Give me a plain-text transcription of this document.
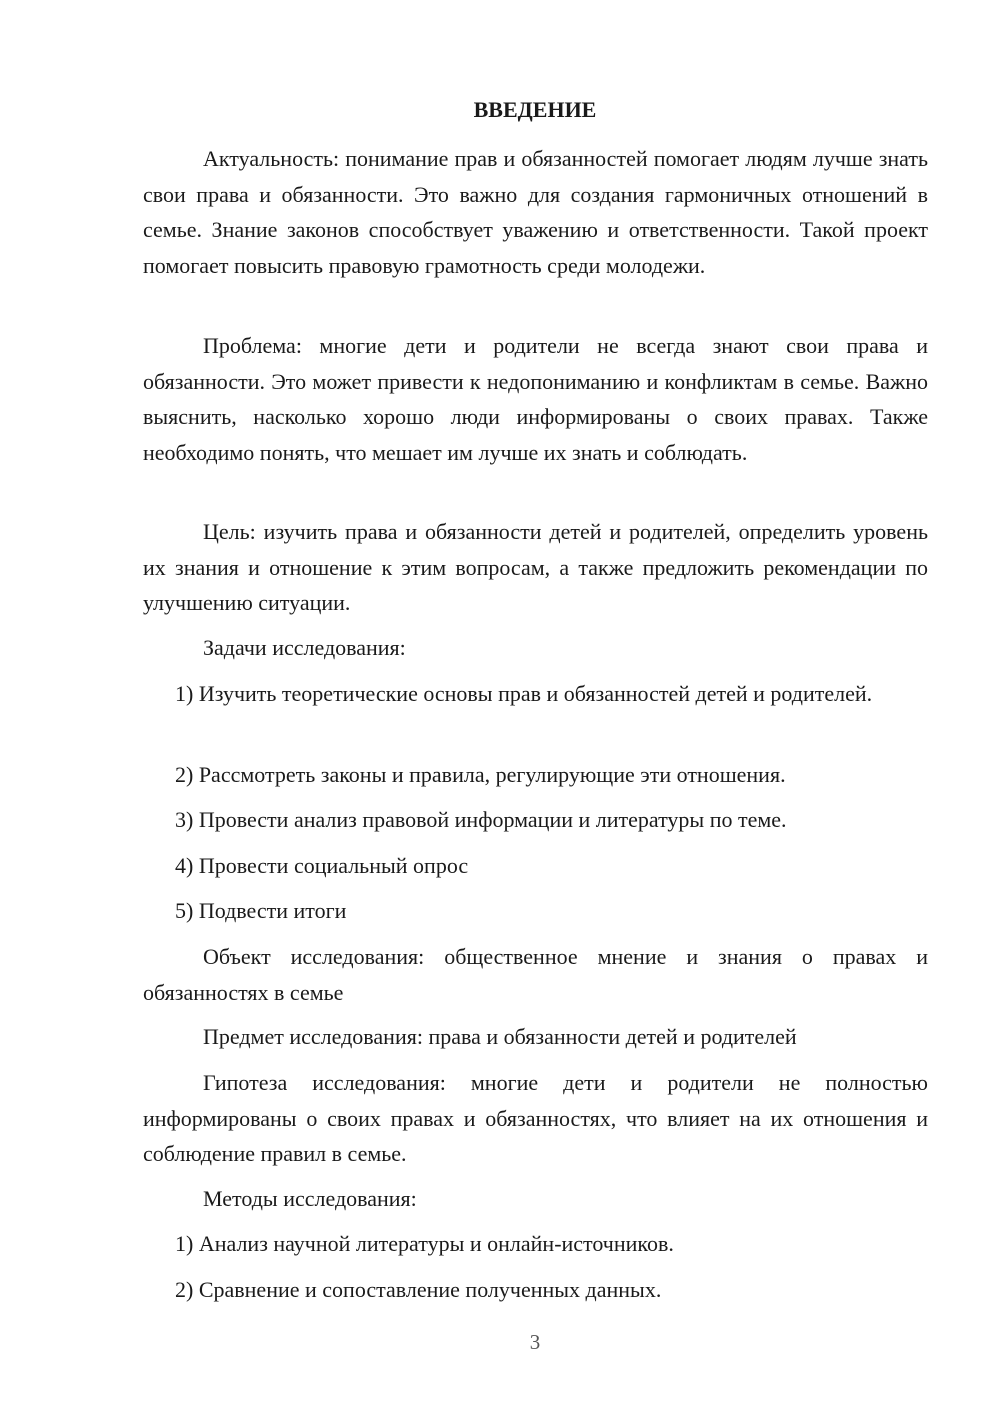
ВВЕДЕНИЕ

Актуальность: понимание прав и обязанностей помогает людям лучше знать свои права и обязанности. Это важно для создания гармоничных отношений в семье. Знание законов способствует уважению и ответственности. Такой проект помогает повысить правовую грамотность среди молодежи.

Проблема: многие дети и родители не всегда знают свои права и обязанности. Это может привести к недопониманию и конфликтам в семье. Важно выяснить, насколько хорошо люди информированы о своих правах. Также необходимо понять, что мешает им лучше их знать и соблюдать.

Цель: изучить права и обязанности детей и родителей, определить уровень их знания и отношение к этим вопросам, а также предложить рекомендации по улучшению ситуации.

Задачи исследования:

1) Изучить теоретические основы прав и обязанностей детей и родителей.

2) Рассмотреть законы и правила, регулирующие эти отношения.

3) Провести анализ правовой информации и литературы по теме.

4) Провести социальный опрос

5) Подвести итоги

Объект исследования: общественное мнение и знания о правах и обязанностях в семье

Предмет исследования: права и обязанности детей и родителей

Гипотеза исследования: многие дети и родители не полностью информированы о своих правах и обязанностях, что влияет на их отношения и соблюдение правил в семье.

Методы исследования:

1) Анализ научной литературы и онлайн-источников.

2) Сравнение и сопоставление полученных данных.

3
